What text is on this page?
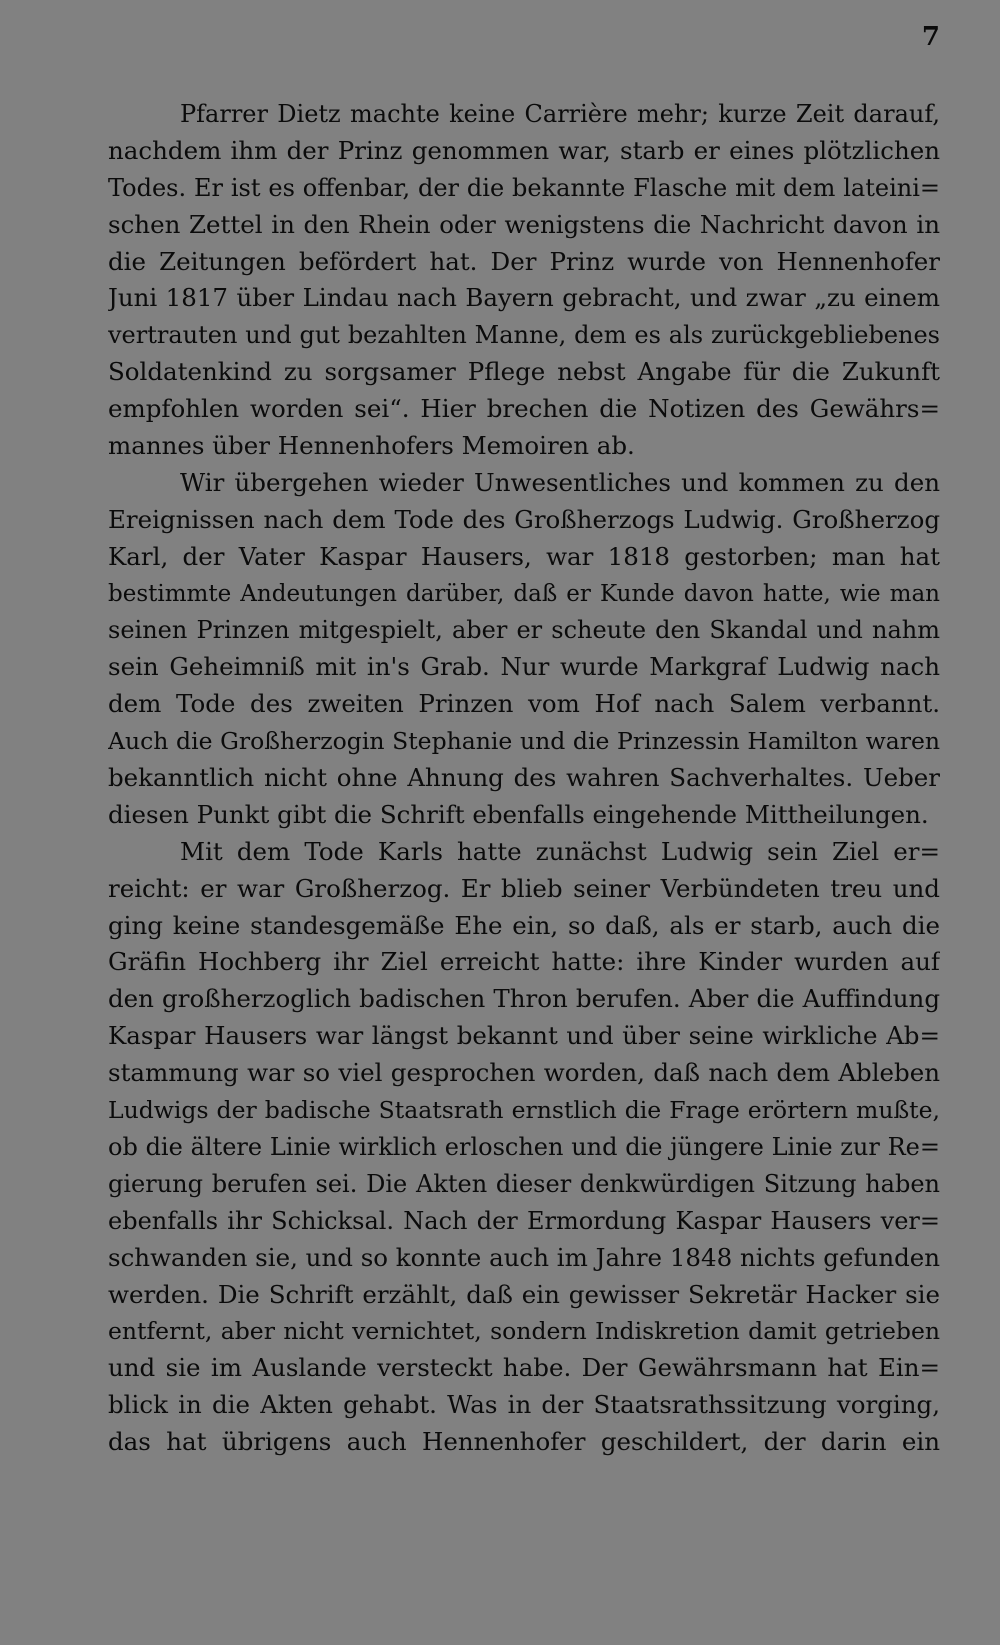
7
Pfarrer Dietz machte keine Carrière mehr; kurze Zeit darauf,
nachdem ihm der Prinz genommen war, starb er eines plötzlichen
Todes. Er ist es offenbar, der die bekannte Flasche mit dem lateini=
schen Zettel in den Rhein oder wenigstens die Nachricht davon in
die Zeitungen befördert hat. Der Prinz wurde von Hennenhofer
Juni 1817 über Lindau nach Bayern gebracht, und zwar „zu einem
vertrauten und gut bezahlten Manne, dem es als zurückgebliebenes
Soldatenkind zu sorgsamer Pflege nebst Angabe für die Zukunft
empfohlen worden sei“. Hier brechen die Notizen des Gewährs=
mannes über Hennenhofers Memoiren ab.
Wir übergehen wieder Unwesentliches und kommen zu den
Ereignissen nach dem Tode des Großherzogs Ludwig. Großherzog
Karl, der Vater Kaspar Hausers, war 1818 gestorben; man hat
bestimmte Andeutungen darüber, daß er Kunde davon hatte, wie man
seinen Prinzen mitgespielt, aber er scheute den Skandal und nahm
sein Geheimniß mit in's Grab. Nur wurde Markgraf Ludwig nach
dem Tode des zweiten Prinzen vom Hof nach Salem verbannt.
Auch die Großherzogin Stephanie und die Prinzessin Hamilton waren
bekanntlich nicht ohne Ahnung des wahren Sachverhaltes. Ueber
diesen Punkt gibt die Schrift ebenfalls eingehende Mittheilungen.
Mit dem Tode Karls hatte zunächst Ludwig sein Ziel er=
reicht: er war Großherzog. Er blieb seiner Verbündeten treu und
ging keine standesgemäße Ehe ein, so daß, als er starb, auch die
Gräfin Hochberg ihr Ziel erreicht hatte: ihre Kinder wurden auf
den großherzoglich badischen Thron berufen. Aber die Auffindung
Kaspar Hausers war längst bekannt und über seine wirkliche Ab=
stammung war so viel gesprochen worden, daß nach dem Ableben
Ludwigs der badische Staatsrath ernstlich die Frage erörtern mußte,
ob die ältere Linie wirklich erloschen und die jüngere Linie zur Re=
gierung berufen sei. Die Akten dieser denkwürdigen Sitzung haben
ebenfalls ihr Schicksal. Nach der Ermordung Kaspar Hausers ver=
schwanden sie, und so konnte auch im Jahre 1848 nichts gefunden
werden. Die Schrift erzählt, daß ein gewisser Sekretär Hacker sie
entfernt, aber nicht vernichtet, sondern Indiskretion damit getrieben
und sie im Auslande versteckt habe. Der Gewährsmann hat Ein=
blick in die Akten gehabt. Was in der Staatsrathssitzung vorging,
das hat übrigens auch Hennenhofer geschildert, der darin ein
